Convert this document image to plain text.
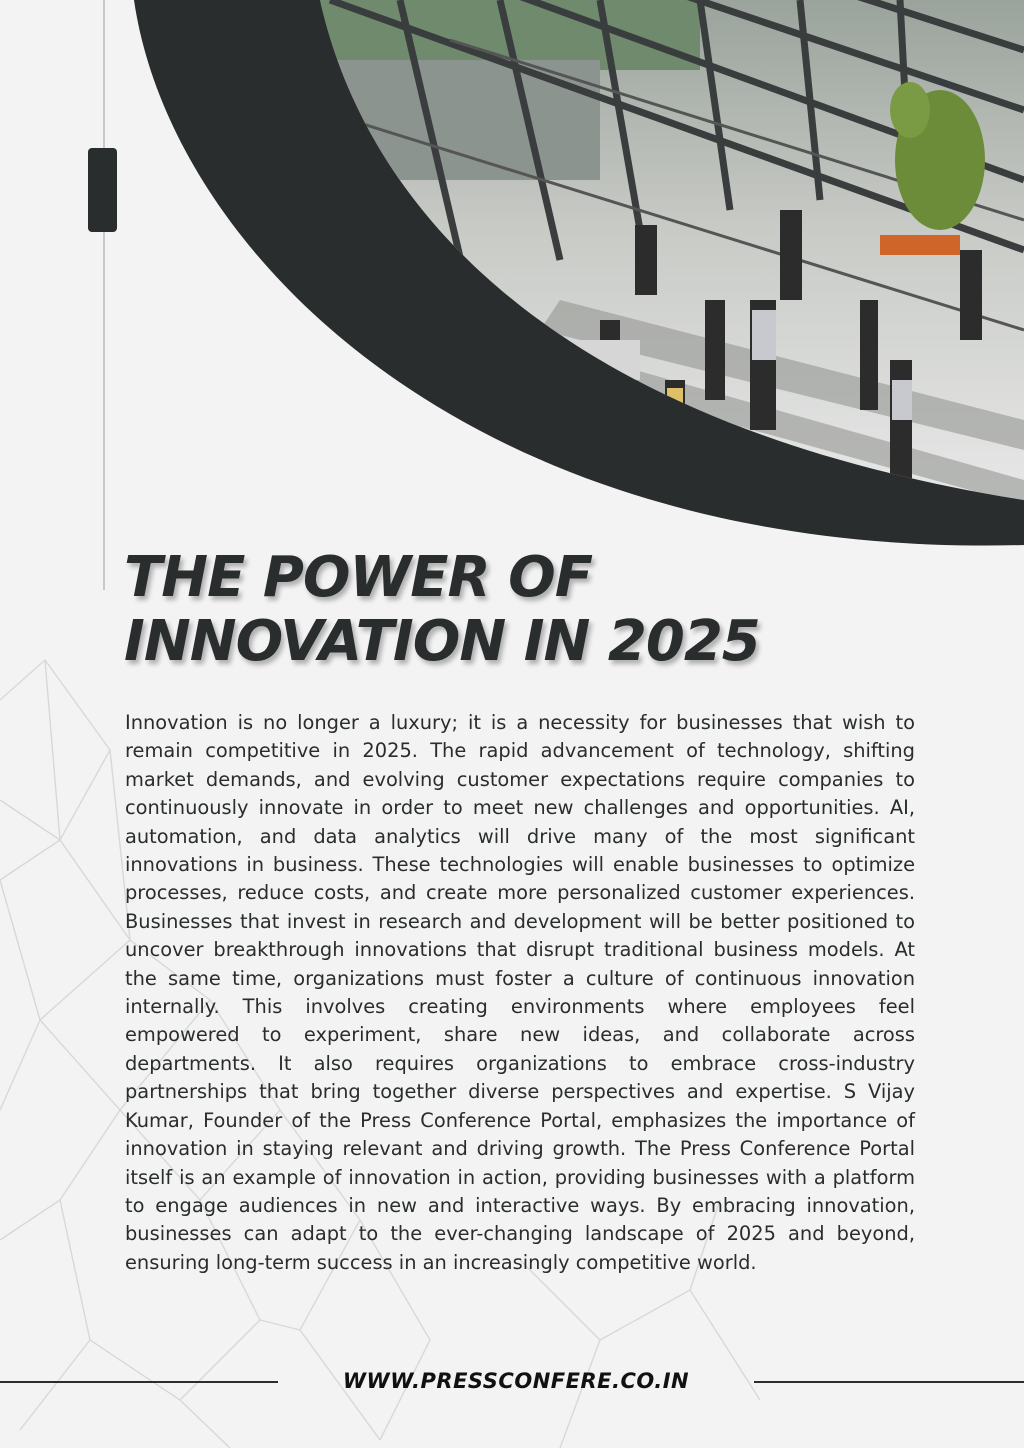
THE POWER OF
INNOVATION IN 2025

Innovation is no longer a luxury; it is a necessity for businesses that wish to remain competitive in 2025. The rapid advancement of technology, shifting market demands, and evolving customer expectations require companies to continuously innovate in order to meet new challenges and opportunities. AI, automation, and data analytics will drive many of the most significant innovations in business. These technologies will enable businesses to optimize processes, reduce costs, and create more personalized customer experiences. Businesses that invest in research and development will be better positioned to uncover breakthrough innovations that disrupt traditional business models. At the same time, organizations must foster a culture of continuous innovation internally. This involves creating environments where employees feel empowered to experiment, share new ideas, and collaborate across departments. It also requires organizations to embrace cross-industry partnerships that bring together diverse perspectives and expertise. S Vijay Kumar, Founder of the Press Conference Portal, emphasizes the importance of innovation in staying relevant and driving growth. The Press Conference Portal itself is an example of innovation in action, providing businesses with a platform to engage audiences in new and interactive ways. By embracing innovation, businesses can adapt to the ever-changing landscape of 2025 and beyond, ensuring long-term success in an increasingly competitive world.

WWW.PRESSCONFERE.CO.IN
